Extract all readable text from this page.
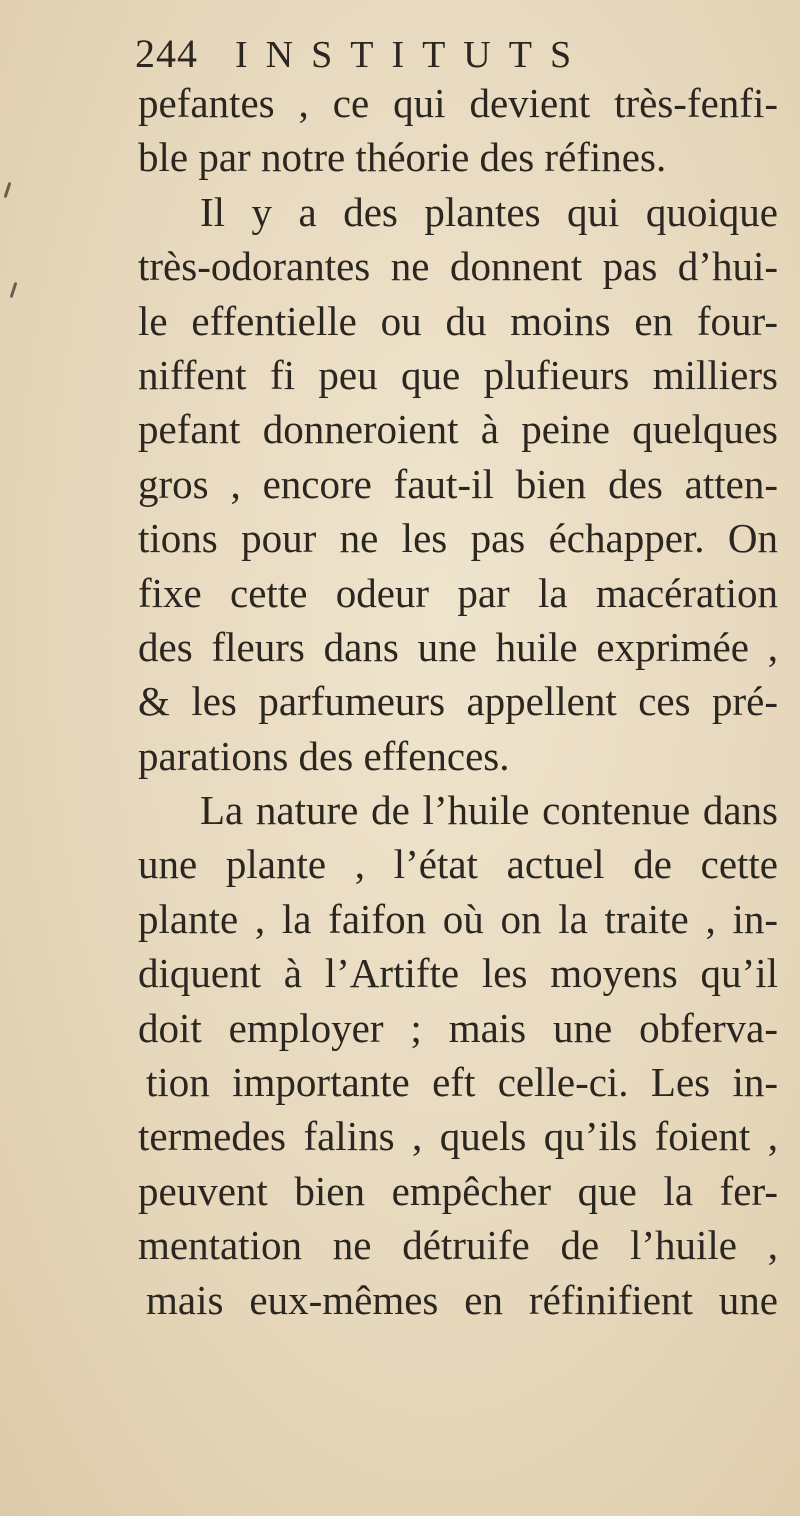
244 INSTITUTS
pefantes , ce qui devient très-fenfi-
ble par notre théorie des réfines.
Il y a des plantes qui quoique
très-odorantes ne donnent pas d’hui-
le effentielle ou du moins en four-
niffent fi peu que plufieurs milliers
pefant donneroient à peine quelques
gros , encore faut-il bien des atten-
tions pour ne les pas échapper. On
fixe cette odeur par la macération
des fleurs dans une huile exprimée ,
& les parfumeurs appellent ces pré-
parations des effences.
La nature de l’huile contenue dans
une plante , l’état actuel de cette
plante , la faifon où on la traite , in-
diquent à l’Artifte les moyens qu’il
doit employer ; mais une obferva-
tion importante eft celle-ci. Les in-
termedes falins , quels qu’ils foient ,
peuvent bien empêcher que la fer-
mentation ne détruife de l’huile ,
mais eux-mêmes en réfinifient une
